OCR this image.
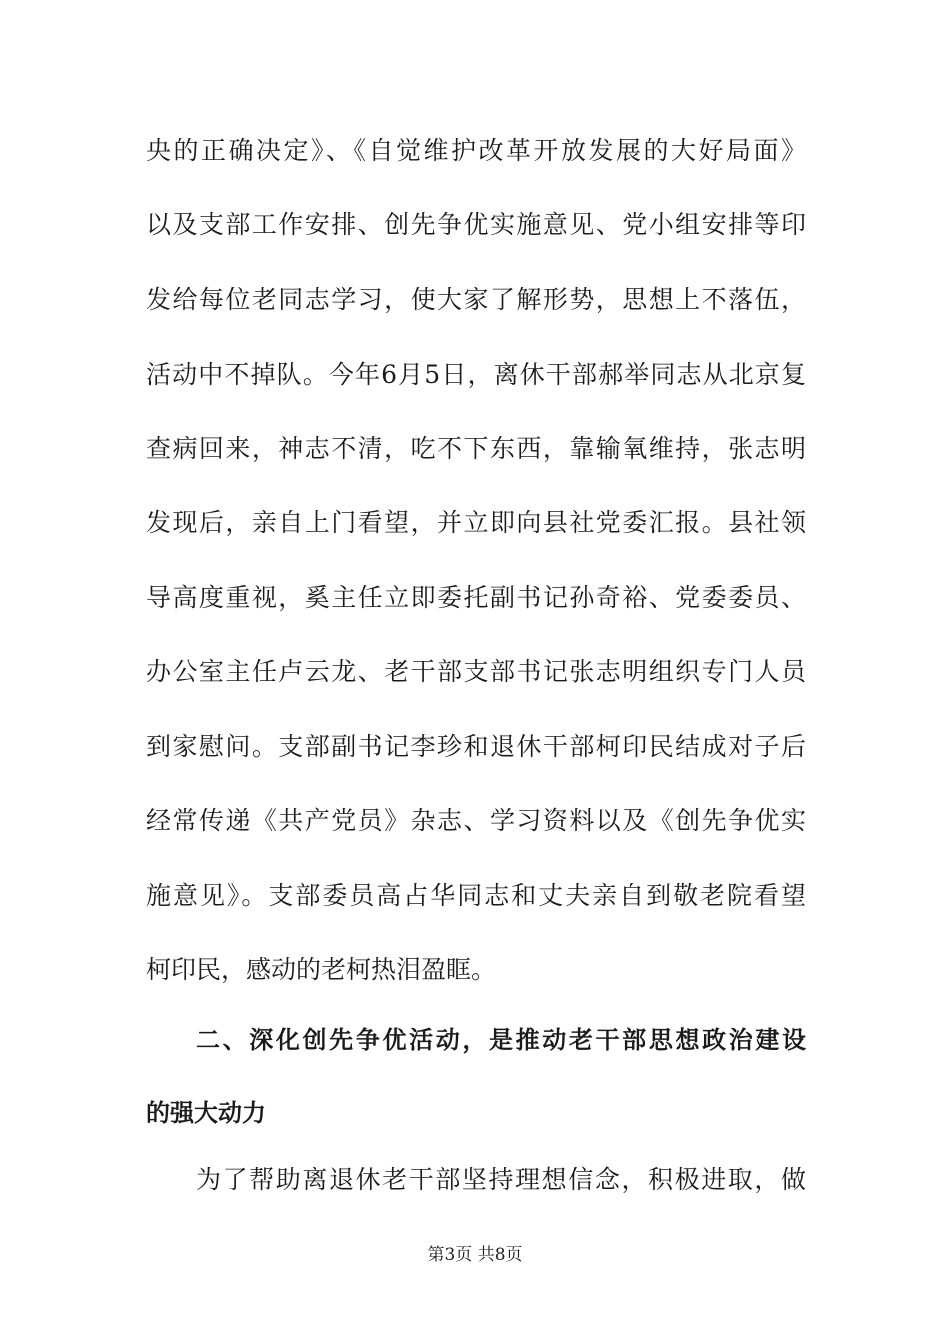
央的正确决定》、《自觉维护改革开放发展的大好局面》
以及支部工作安排、创先争优实施意见、党小组安排等印
发给每位老同志学习，使大家了解形势，思想上不落伍，
活动中不掉队。今年6月5日，离休干部郝举同志从北京复
查病回来，神志不清，吃不下东西，靠输氧维持，张志明
发现后，亲自上门看望，并立即向县社党委汇报。县社领
导高度重视，奚主任立即委托副书记孙奇裕、党委委员、
办公室主任卢云龙、老干部支部书记张志明组织专门人员
到家慰问。支部副书记李珍和退休干部柯印民结成对子后
经常传递《共产党员》杂志、学习资料以及《创先争优实
施意见》。支部委员高占华同志和丈夫亲自到敬老院看望
柯印民，感动的老柯热泪盈眶。
二、深化创先争优活动，是推动老干部思想政治建设
的强大动力
为了帮助离退休老干部坚持理想信念，积极进取，做
第3页 共8页
